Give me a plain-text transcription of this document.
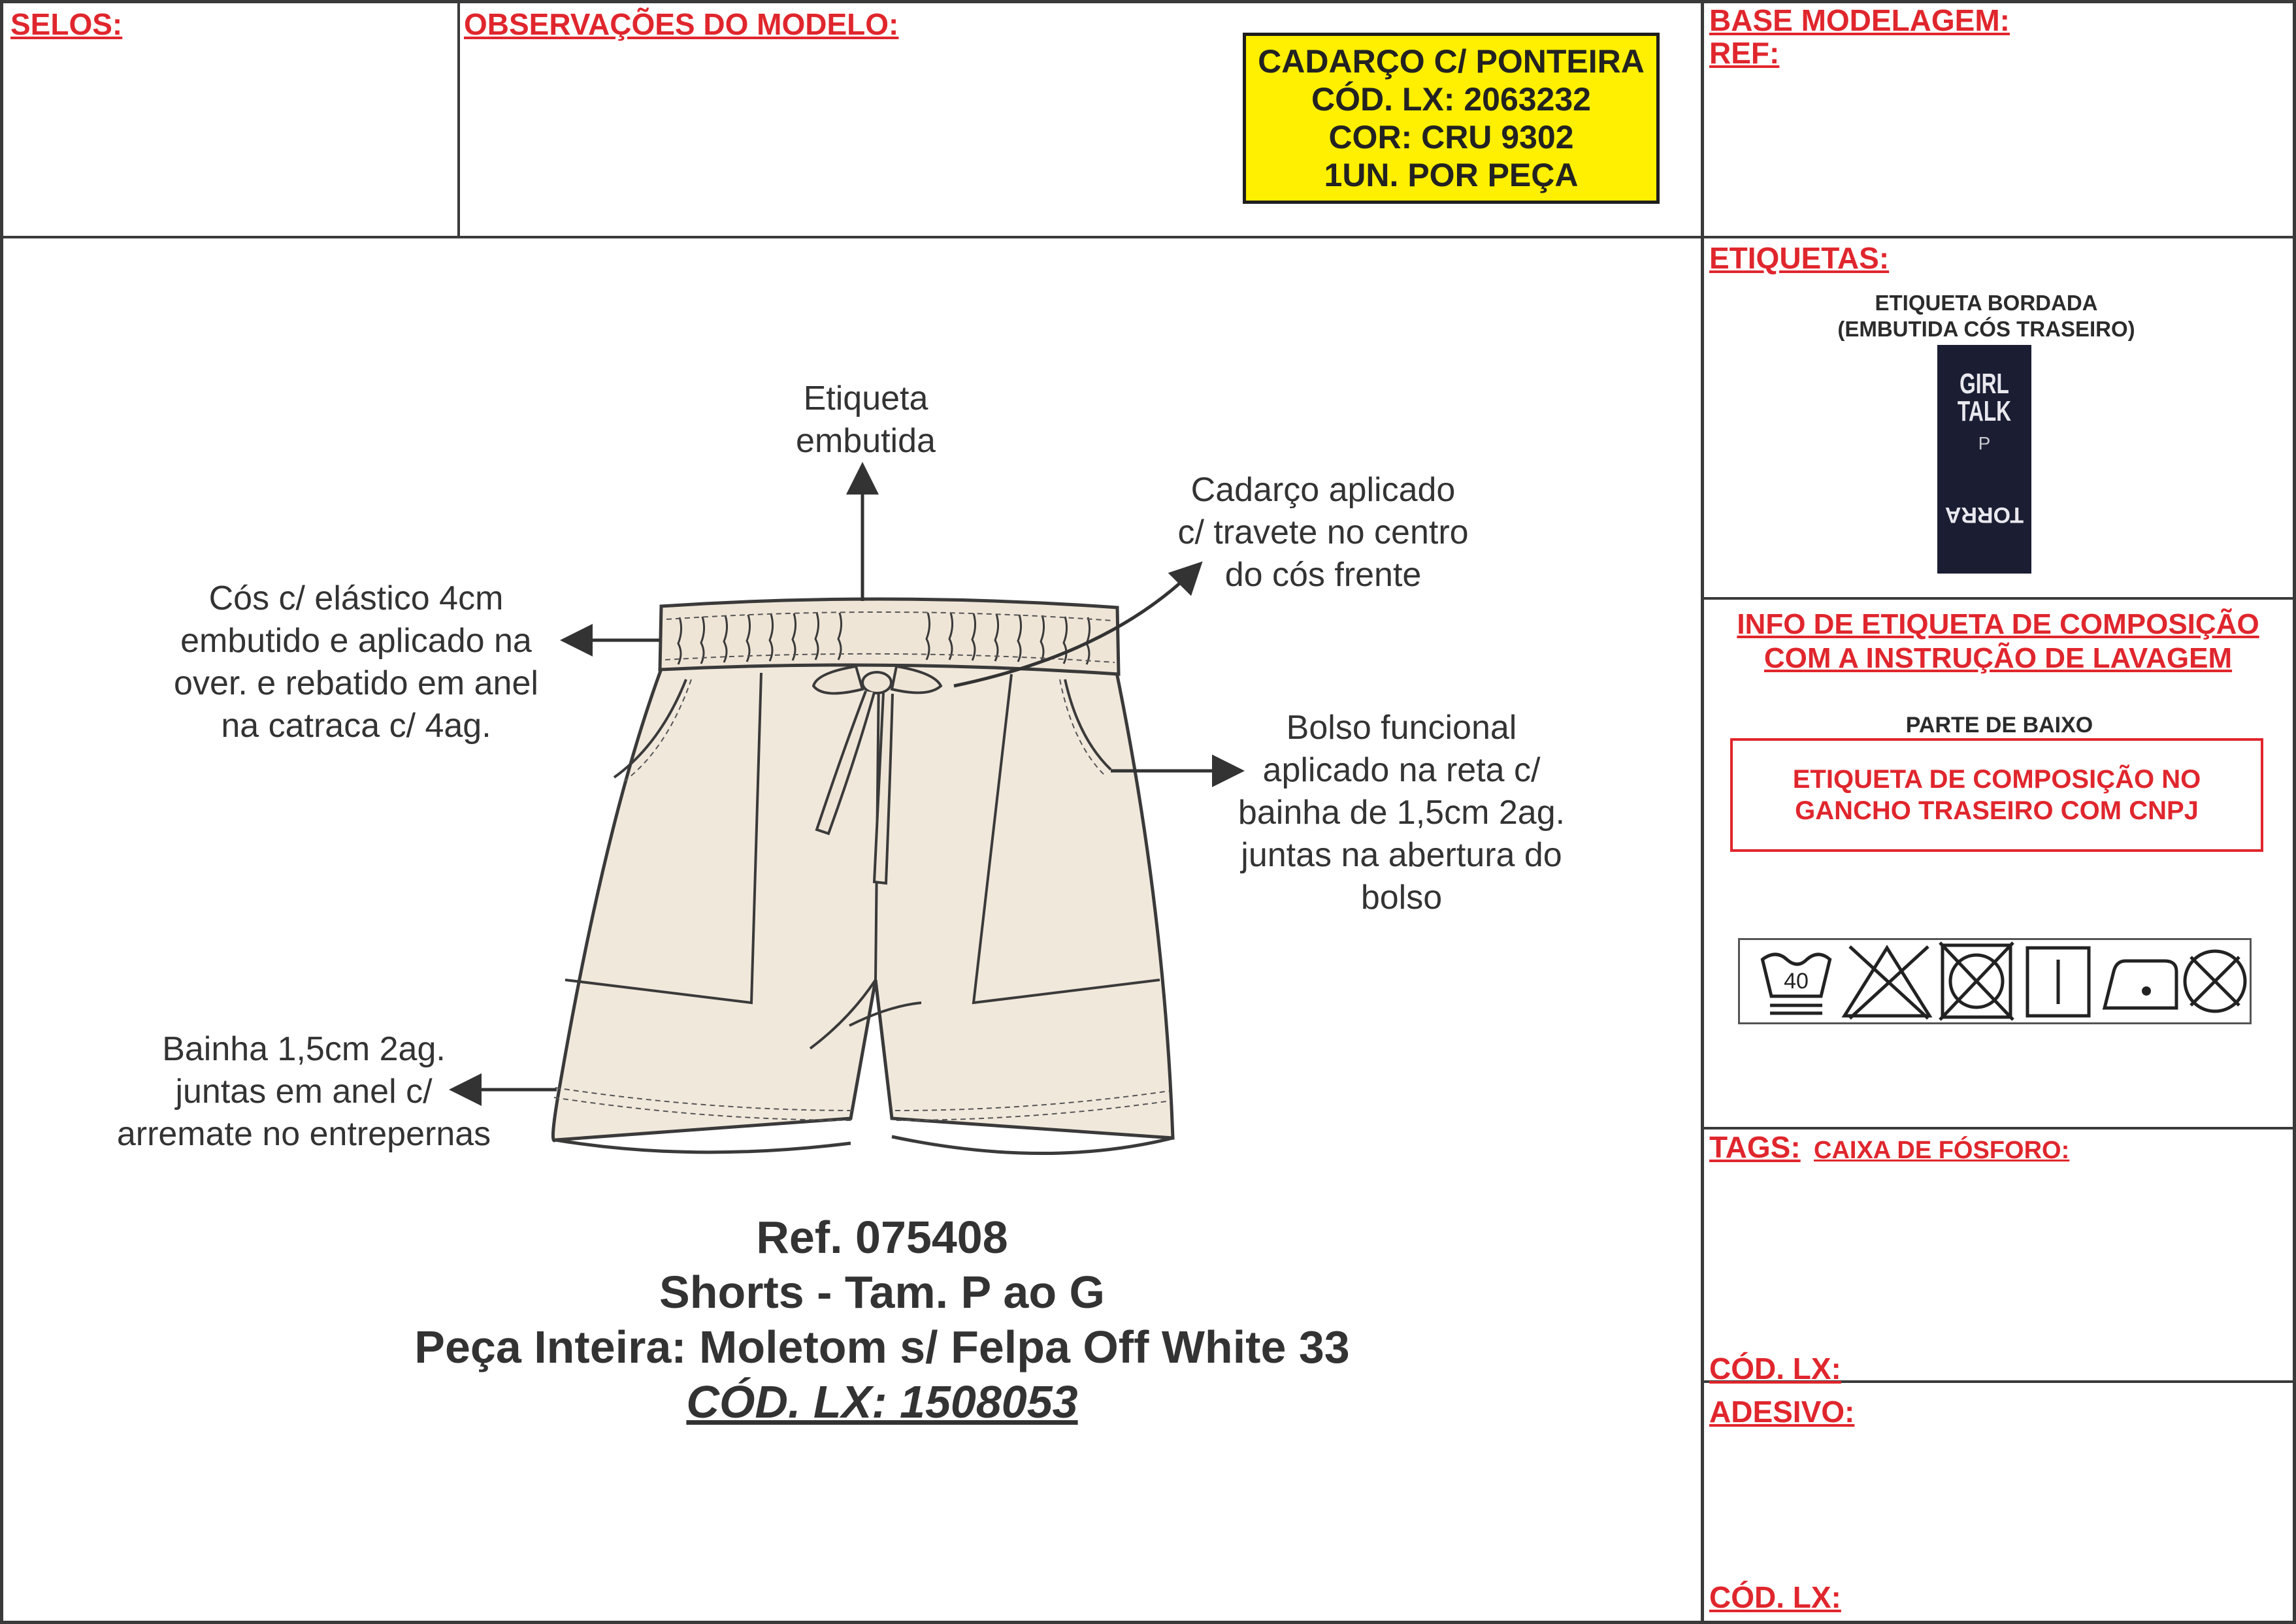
SELOS:	OBSERVAÇÕES DO MODELO:
CADARÇO C/ PONTEIRA
CÓD. LX: 2063232
COR: CRU 9302
1UN. POR PEÇA
BASE MODELAGEM:
REF:
ETIQUETAS:
ETIQUETA BORDADA
(EMBUTIDA CÓS TRASEIRO)
GIRL
TALK
P
TORRA
INFO DE ETIQUETA DE COMPOSIÇÃO
COM A INSTRUÇÃO DE LAVAGEM
PARTE DE BAIXO
ETIQUETA DE COMPOSIÇÃO NO
GANCHO TRASEIRO COM CNPJ
40
TAGS: CAIXA DE FÓSFORO:
CÓD. LX:
ADESIVO:
CÓD. LX:
Etiqueta
embutida
Cadarço aplicado
c/ travete no centro
do cós frente
Cós c/ elástico 4cm
embutido e aplicado na
over. e rebatido em anel
na catraca c/ 4ag.	Bolso funcional
aplicado na reta c/
bainha de 1,5cm 2ag.
juntas na abertura do
bolso
Bainha 1,5cm 2ag.
juntas em anel c/
arremate no entrepernas
Ref. 075408
Shorts - Tam. P ao G
Peça Inteira: Moletom s/ Felpa Off White 33
CÓD. LX: 1508053
